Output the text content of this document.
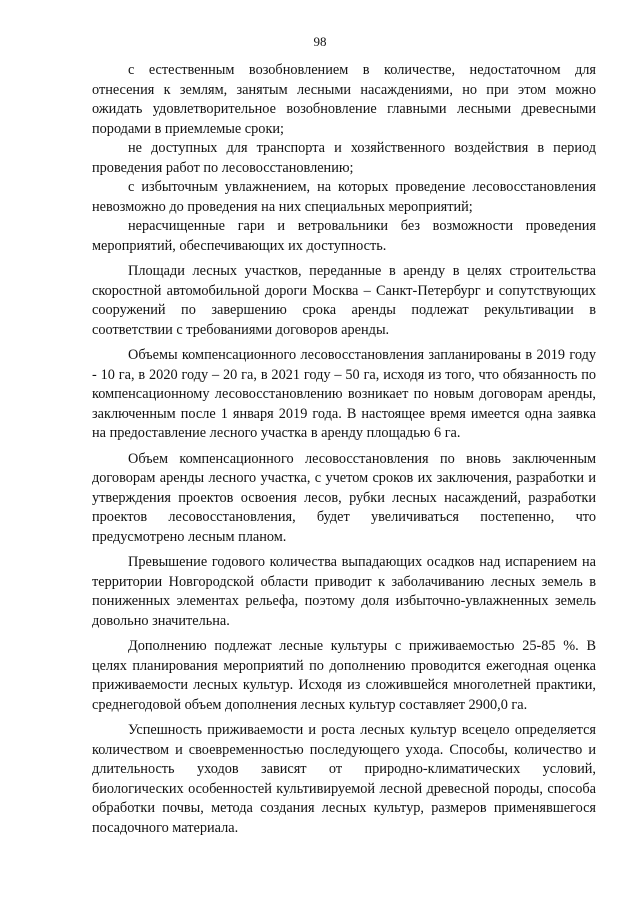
98

с естественным возобновлением в количестве, недостаточном для отнесения к землям, занятым лесными насаждениями, но при этом можно ожидать удовлетворительное возобновление главными лесными древесными породами в приемлемые сроки;

не доступных для транспорта и хозяйственного воздействия в период проведения работ по лесовосстановлению;

с избыточным увлажнением, на которых проведение лесовосстановления невозможно до проведения на них специальных мероприятий;

нерасчищенные гари и ветровальники без возможности проведения мероприятий, обеспечивающих их доступность.

Площади лесных участков, переданные в аренду в целях строительства скоростной автомобильной дороги Москва – Санкт-Петербург и сопутствующих сооружений по завершению срока аренды подлежат рекультивации в соответствии с требованиями договоров аренды.

Объемы компенсационного лесовосстановления запланированы в 2019 году - 10 га, в 2020 году – 20 га, в 2021 году – 50 га, исходя из того, что обязанность по компенсационному лесовосстановлению возникает по новым договорам аренды, заключенным после 1 января 2019 года. В настоящее время имеется одна заявка на предоставление лесного участка в аренду площадью 6 га.

Объем компенсационного лесовосстановления по вновь заключенным договорам аренды лесного участка, с учетом сроков их заключения, разработки и утверждения проектов освоения лесов, рубки лесных насаждений, разработки проектов лесовосстановления, будет увеличиваться постепенно, что предусмотрено лесным планом.

Превышение годового количества выпадающих осадков над испарением на территории Новгородской области приводит к заболачиванию лесных земель в пониженных элементах рельефа, поэтому доля избыточно-увлажненных земель довольно значительна.

Дополнению подлежат лесные культуры с приживаемостью 25-85 %. В целях планирования мероприятий по дополнению проводится ежегодная оценка приживаемости лесных культур. Исходя из сложившейся многолетней практики, среднегодовой объем дополнения лесных культур составляет 2900,0 га.

Успешность приживаемости и роста лесных культур всецело определяется количеством и своевременностью последующего ухода. Способы, количество и длительность уходов зависят от природно-климатических условий, биологических особенностей культивируемой лесной древесной породы, способа обработки почвы, метода создания лесных культур, размеров применявшегося посадочного материала.
